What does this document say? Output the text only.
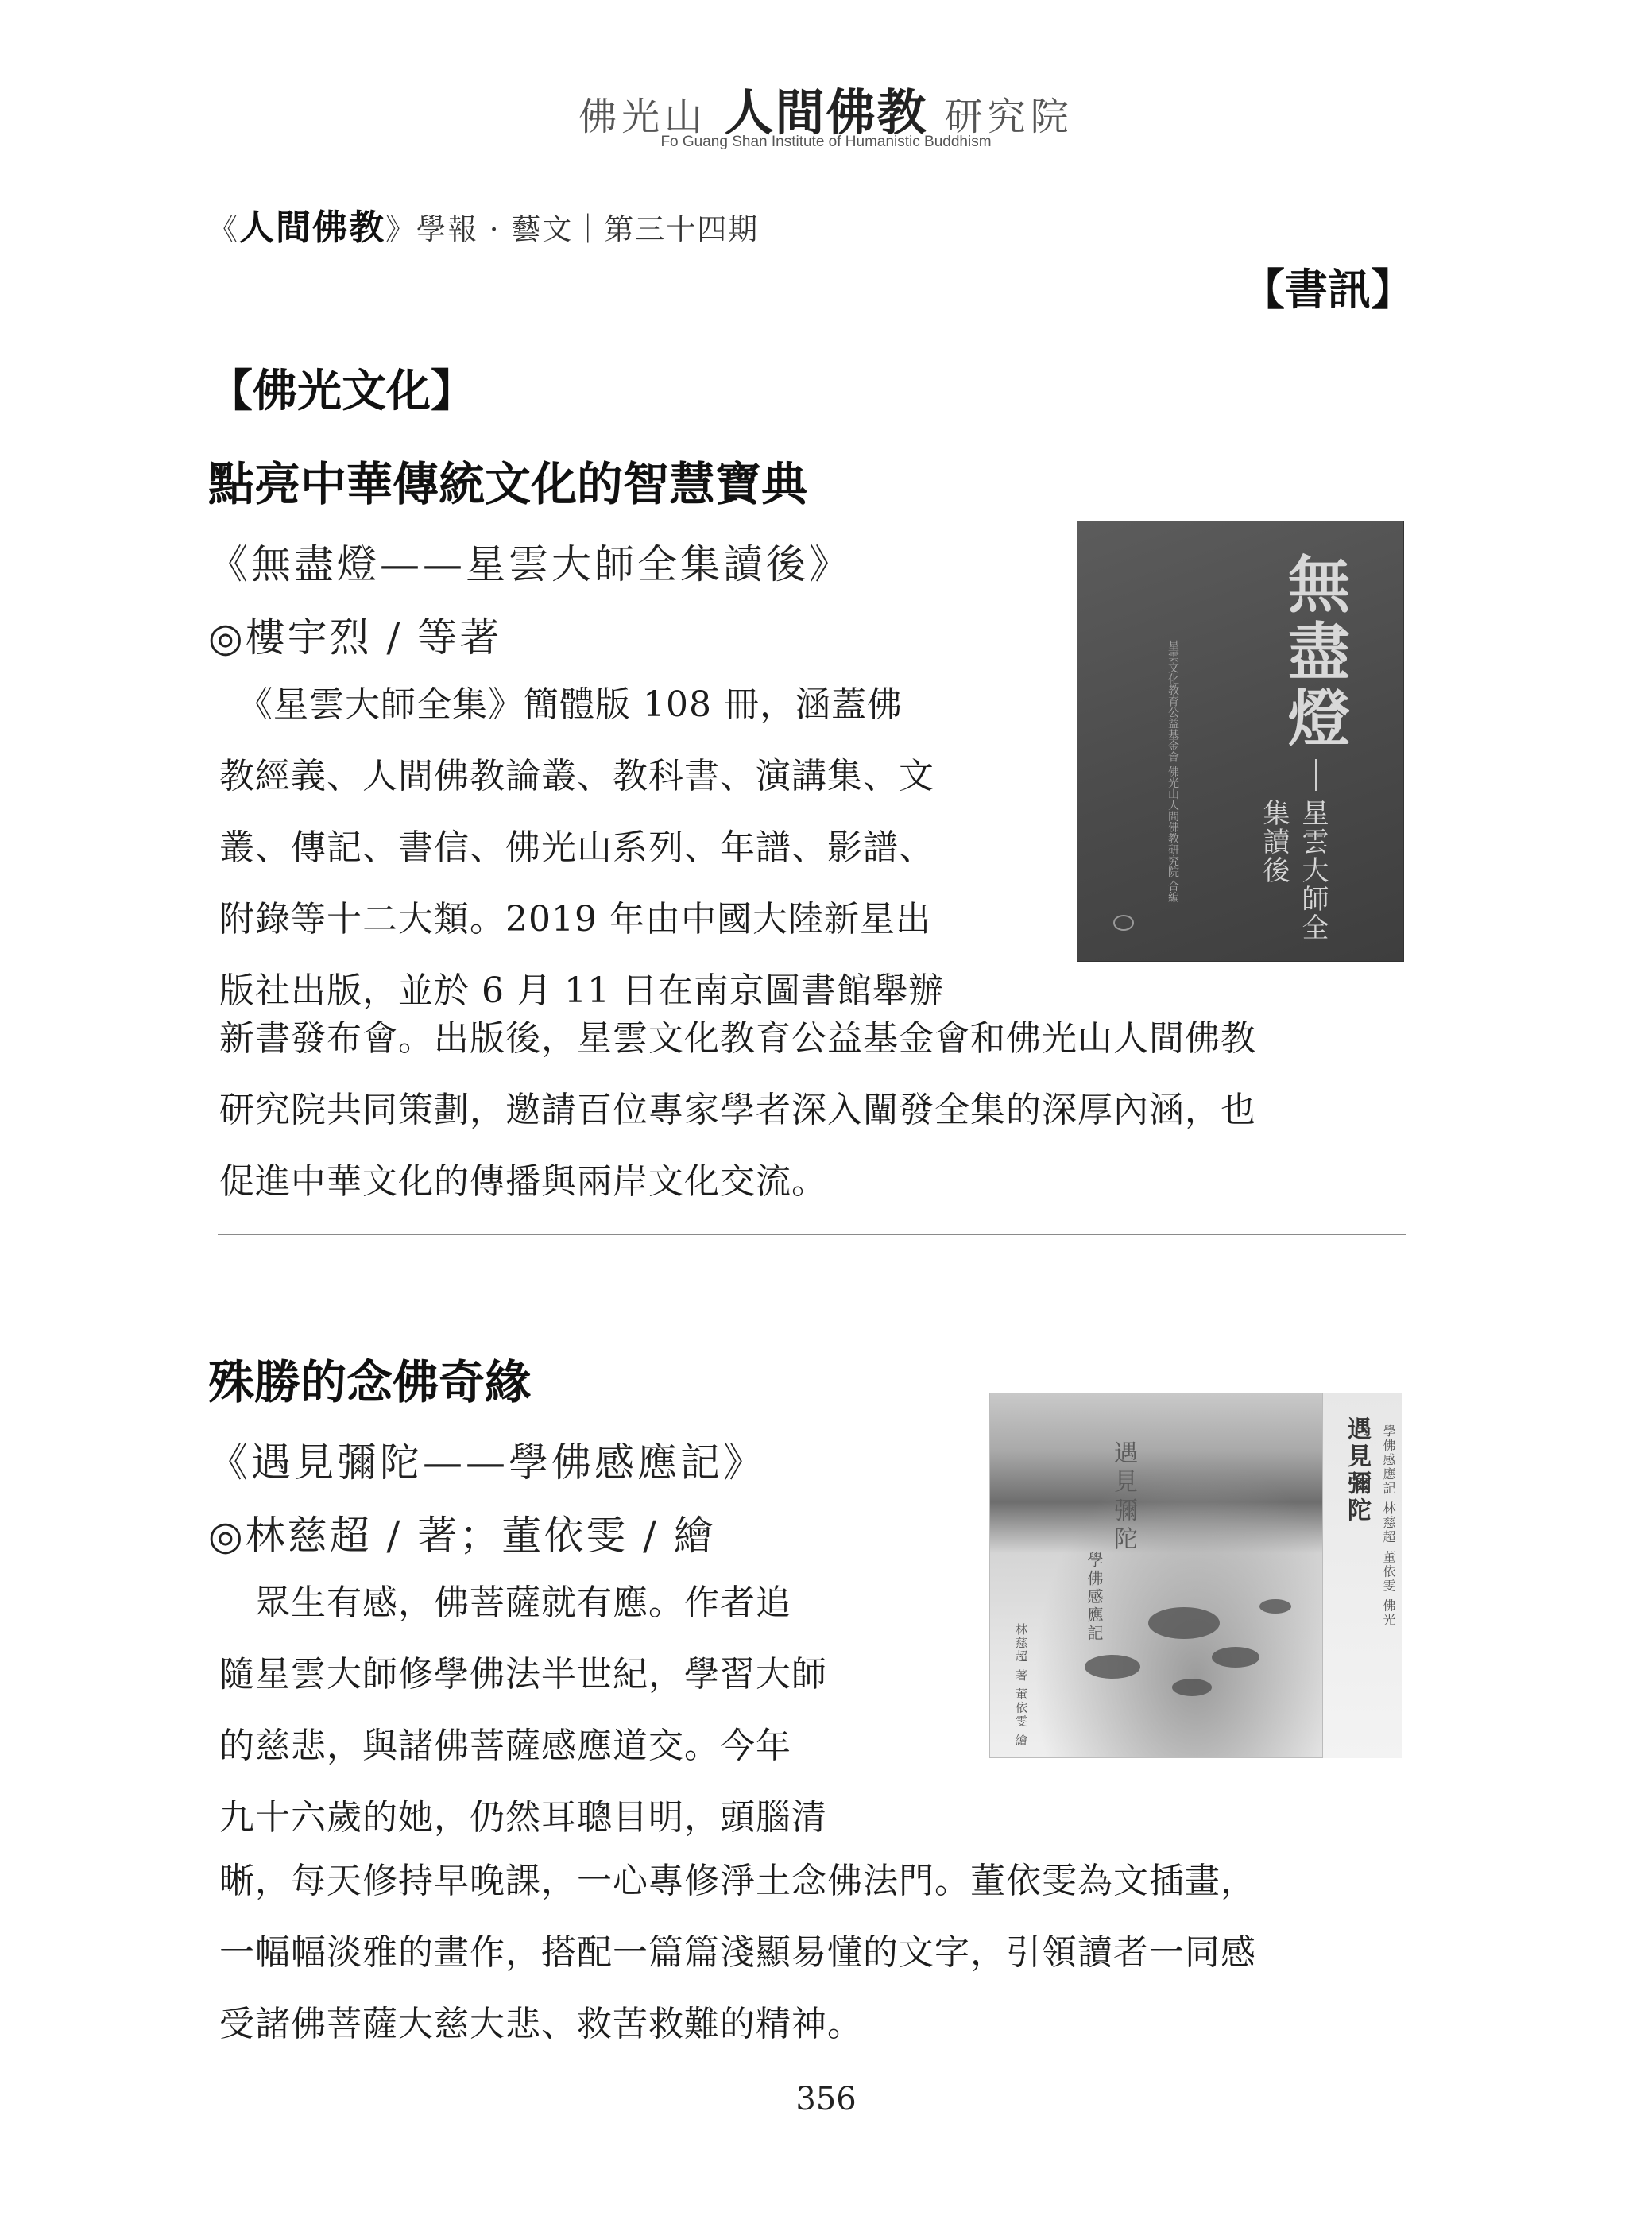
佛光山 人間佛教 研究院
Fo Guang Shan Institute of Humanistic Buddhism
《人間佛教》學報 · 藝文｜第三十四期
【書訊】
【佛光文化】
點亮中華傳統文化的智慧寶典
《無盡燈——星雲大師全集讀後》
◎樓宇烈 / 等著

　《星雲大師全集》簡體版 108 冊，涵蓋佛

教經義、人間佛教論叢、教科書、演講集、文

叢、傳記、書信、佛光山系列、年譜、影譜、

附錄等十二大類。2019 年由中國大陸新星出

版社出版，並於 6 月 11 日在南京圖書館舉辦

新書發布會。出版後，星雲文化教育公益基金會和佛光山人間佛教

研究院共同策劃，邀請百位專家學者深入闡發全集的深厚內涵，也

促進中華文化的傳播與兩岸文化交流。

無盡燈
星雲大師全集讀後
星雲文化教育公益基金會 佛光山人間佛教研究院 合編
殊勝的念佛奇緣
《遇見彌陀——學佛感應記》
◎林慈超 / 著；董依雯 / 繪

　眾生有感，佛菩薩就有應。作者追

隨星雲大師修學佛法半世紀，學習大師

的慈悲，與諸佛菩薩感應道交。今年

九十六歲的她，仍然耳聰目明，頭腦清

晰，每天修持早晚課，一心專修淨土念佛法門。董依雯為文插畫，

一幅幅淡雅的畫作，搭配一篇篇淺顯易懂的文字，引領讀者一同感

受諸佛菩薩大慈大悲、救苦救難的精神。

遇見彌陀
學佛感應記
林慈超 著 董依雯 繪
遇見彌陀 學佛感應記 林慈超 董依雯 佛光
356
